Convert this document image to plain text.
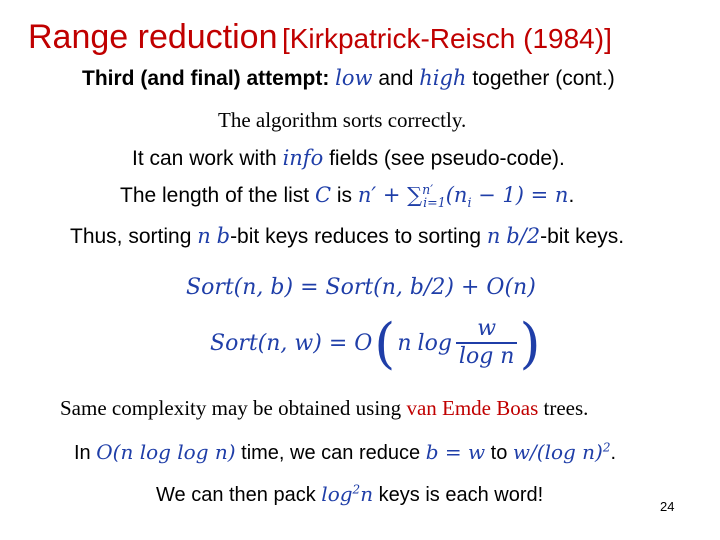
Range reduction [Kirkpatrick-Reisch (1984)]
Third (and final) attempt: low and high together (cont.)
The algorithm sorts correctly.
It can work with info fields (see pseudo-code).
The length of the list C is $n' + \sum^{n'}_{i=1}(n_i - 1) = n$.
Thus, sorting n b-bit keys reduces to sorting n b/2-bit keys.
Sort(n, b) = Sort(n, b/2) + O(n)
Sort(n, w) = O ( n $\log \frac{w}{\text{log n}}$ )
Same complexity may be obtained using van Emde Boas trees.
In O(n log log n) time, we can reduce b = w to w/(log n)$^2$.
We can then pack $\log^2n$ keys is each word!
24
